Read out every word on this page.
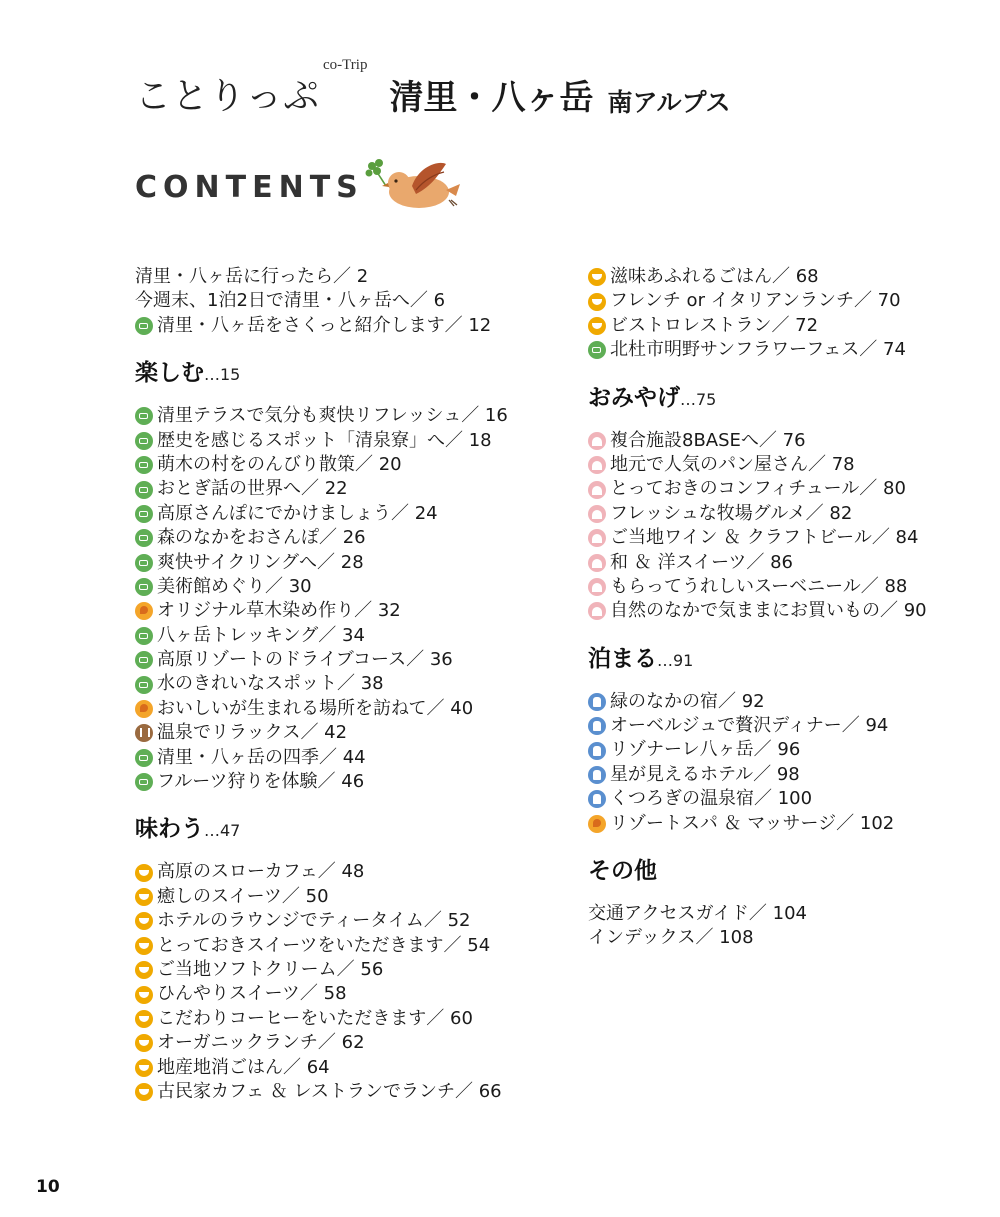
ことりっぷ
co-Trip
清里・八ヶ岳 南アルプス
CONTENTS
清里・八ヶ岳に行ったら／ 2
今週末、1泊2日で清里・八ヶ岳へ／ 6
清里・八ヶ岳をさくっと紹介します／ 12
楽しむ …15
清里テラスで気分も爽快リフレッシュ／ 16
歴史を感じるスポット「清泉寮」へ／ 18
萌木の村をのんびり散策／ 20
おとぎ話の世界へ／ 22
高原さんぽにでかけましょう／ 24
森のなかをおさんぽ／ 26
爽快サイクリングへ／ 28
美術館めぐり／ 30
オリジナル草木染め作り／ 32
八ヶ岳トレッキング／ 34
高原リゾートのドライブコース／ 36
水のきれいなスポット／ 38
おいしいが生まれる場所を訪ねて／ 40
温泉でリラックス／ 42
清里・八ヶ岳の四季／ 44
フルーツ狩りを体験／ 46
味わう …47
高原のスローカフェ／ 48
癒しのスイーツ／ 50
ホテルのラウンジでティータイム／ 52
とっておきスイーツをいただきます／ 54
ご当地ソフトクリーム／ 56
ひんやりスイーツ／ 58
こだわりコーヒーをいただきます／ 60
オーガニックランチ／ 62
地産地消ごはん／ 64
古民家カフェ ＆ レストランでランチ／ 66
滋味あふれるごはん／ 68
フレンチ or イタリアンランチ／ 70
ビストロレストラン／ 72
北杜市明野サンフラワーフェス／ 74
おみやげ …75
複合施設8BASEへ／ 76
地元で人気のパン屋さん／ 78
とっておきのコンフィチュール／ 80
フレッシュな牧場グルメ／ 82
ご当地ワイン ＆ クラフトビール／ 84
和 ＆ 洋スイーツ／ 86
もらってうれしいスーベニール／ 88
自然のなかで気ままにお買いもの／ 90
泊まる …91
緑のなかの宿／ 92
オーベルジュで贅沢ディナー／ 94
リゾナーレ八ヶ岳／ 96
星が見えるホテル／ 98
くつろぎの温泉宿／ 100
リゾートスパ ＆ マッサージ／ 102
その他
交通アクセスガイド／ 104
インデックス／ 108
10
